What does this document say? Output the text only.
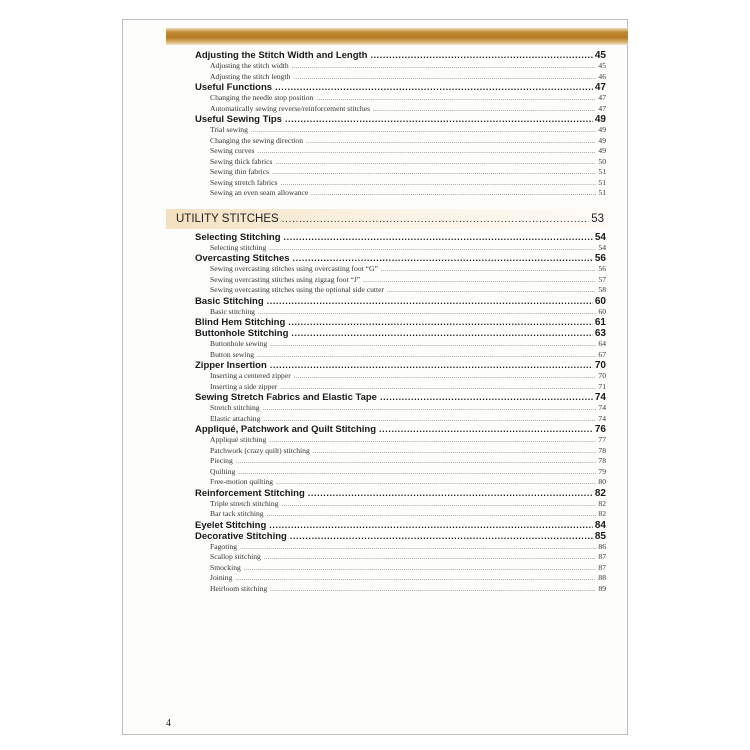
Adjusting the Stitch Width and Length .....	45
Adjusting the stitch width .....	45
Adjusting the stitch length .....	46
Useful Functions .....	47
Changing the needle stop position .....	47
Automatically sewing reverse/reinforcement stitches .....	47
Useful Sewing Tips .....	49
Trial sewing .....	49
Changing the sewing direction .....	49
Sewing curves .....	49
Sewing thick fabrics .....	50
Sewing thin fabrics .....	51
Sewing stretch fabrics .....	51
Sewing an even seam allowance .....	51
UTILITY STITCHES .....	53
Selecting Stitching .....	54
Selecting stitching .....	54
Overcasting Stitches .....	56
Sewing overcasting stitches using overcasting foot “G” .....	56
Sewing overcasting stitches using zigzag foot “J” .....	57
Sewing overcasting stitches using the optional side cutter .....	58
Basic Stitching .....	60
Basic stitching .....	60
Blind Hem Stitching .....	61
Buttonhole Stitching .....	63
Buttonhole sewing .....	64
Button sewing .....	67
Zipper Insertion .....	70
Inserting a centered zipper .....	70
Inserting a side zipper .....	71
Sewing Stretch Fabrics and Elastic Tape .....	74
Stretch stitching .....	74
Elastic attaching .....	74
Appliqué, Patchwork and Quilt Stitching .....	76
Appliqué stitching .....	77
Patchwork (crazy quilt) stitching .....	78
Piecing .....	78
Quilting .....	79
Free-motion quilting .....	80
Reinforcement Stitching .....	82
Triple stretch stitching .....	82
Bar tack stitching .....	82
Eyelet Stitching .....	84
Decorative Stitching .....	85
Fagoting .....	86
Scallop stitching .....	87
Smocking .....	87
Joining .....	88
Heirloom stitching .....	89
4
